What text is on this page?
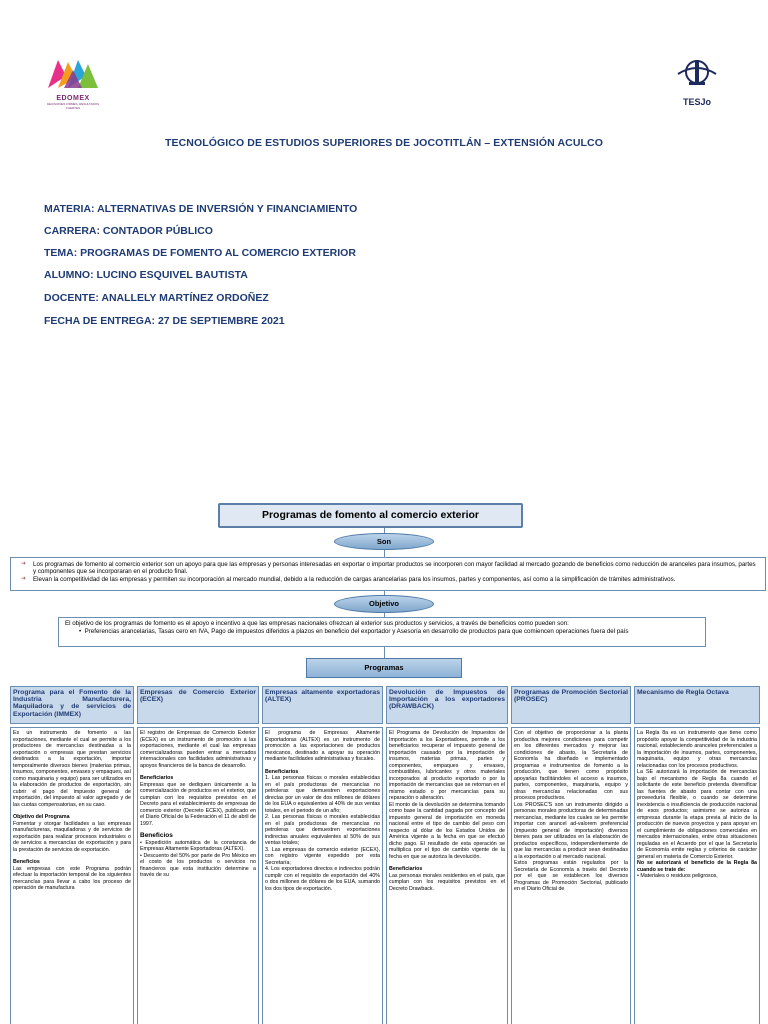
EDOMEX
DECISIONES FIRMES, RESULTADOS FUERTES
TESJo
TECNOLÓGICO DE ESTUDIOS SUPERIORES DE JOCOTITLÁN – EXTENSIÓN ACULCO
MATERIA: ALTERNATIVAS DE INVERSIÓN Y FINANCIAMIENTO
CARRERA: CONTADOR PÚBLICO
TEMA: PROGRAMAS DE FOMENTO AL COMERCIO EXTERIOR
ALUMNO: LUCINO ESQUIVEL BAUTISTA
DOCENTE: ANALLELY MARTÍNEZ ORDOÑEZ
FECHA DE ENTREGA: 27 DE SEPTIEMBRE 2021
Programas de fomento al comercio exterior
Son
➜	Los programas de fomento al comercio exterior son un apoyo para que las empresas y personas interesadas en exportar o importar productos se incorporen con mayor facilidad al mercado gozando de beneficios como reducción de aranceles para insumos, partes y componentes que se incorporaran en el producto final.
➜	Elevan la competitividad de las empresas y permiten su incorporación al mercado mundial, debido a la reducción de cargas arancelarias para los insumos, partes y componentes, así como a la simplificación de trámites administrativos.
Objetivo
El objetivo de los programas de fomento es el apoyo e incentivo a que las empresas nacionales ofrezcan al exterior sus productos y servicios, a través de beneficios como pueden son:
•  Preferencias arancelarias, Tasas cero en IVA, Pago de impuestos diferidos a plazos en beneficio del exportador y Asesoría en desarrollo de productos para que comiencen operaciones fuera del país
Programas
Programa para el Fomento de la Industria Manufacturera, Maquiladora y de servicios de Exportación (IMMEX)

Es un instrumento de fomento a las exportaciones, mediante el cual se permite a los productores de mercancías destinadas a la exportación o empresas que prestan servicios destinados a la exportación, importar temporalmente diversos bienes (materias primas, insumos, componentes, envases y empaques, así como maquinaria y equipo) para ser utilizados en la elaboración de productos de exportación, sin cubrir el pago del impuesto general de importación, del impuesto al valor agregado y de las cuotas compensatorias, en su caso.

Objetivo del Programa

Fomentar y otorgar facilidades a las empresas manufactureras, maquiladoras y de servicios de exportación para realizar procesos industriales o de servicios a mercancías de exportación y para la prestación de servicios de exportación.

Beneficios

Las empresas con este Programa podrán efectuar la importación temporal de los siguientes mercancías para llevar a cabo los proceso de operación de manufactura

Empresas de Comercio Exterior (ECEX)

El registro de Empresas de Comercio Exterior (ECEX) es un instrumento de promoción a las exportaciones, mediante el cual las empresas comercializadoras pueden entrar a mercados internacionales con facilidades administrativas y apoyos financieros de la banca de desarrollo.

Beneficiarios

Empresas que se dediquen únicamente a la comercialización de productos en el exterior, que cumplan con los requisitos previstos en el Decreto para el establecimiento de empresas de comercio exterior (Decreto ECEX), publicado en el Diario Oficial de la Federación el 11 de abril de 1997.

Beneficios

• Expedición automática de la constancia de Empresas Altamente Exportadoras (ALTEX).

• Descuento del 50% por parte de Pro México en el costo de los productos o servicios no financieros que esta institución determine a través de su

Empresas altamente exportadoras (ALTEX)

El programa de Empresas Altamente Exportadoras (ALTEX) es un instrumento de promoción a las exportaciones de productos mexicanos, destinado a apoyar su operación mediante facilidades administrativas y fiscales.

Beneficiarios

1. Las personas físicas o morales establecidas en el país productoras de mercancías no petroleras que demuestren exportaciones directas por un valor de dos millones de dólares de los EUA o equivalentes al 40% de sus ventas totales, en el periodo de un año;

2. Las personas físicas o morales establecidas en el país productoras de mercancías no petroleras que demuestren exportaciones indirectas anuales equivalentes al 50% de sus ventas totales;

3. Las empresas de comercio exterior (ECEX), con registro vigente expedido por esta Secretaría;

4. Los exportadores directos e indirectos podrán cumplir con el requisito de exportación del 40% o dos millones de dólares de los EUA, sumando los dos tipos de exportación.

Devolución de Impuestos de Importación a los exportadores (DRAWBACK)

El Programa de Devolución de Impuestos de Importación a los Exportadores, permite a los beneficiarios recuperar el impuesto general de importación causado por la importación de insumos, materias primas, partes y componentes, empaques y envases, combustibles, lubricantes y otros materiales incorporados al producto exportado o por la importación de mercancías que se retornan en el mismo estado o por mercancías para su reparación o alteración.

El monto de la devolución se determina tomando como base la cantidad pagada por concepto del impuesto general de importación en moneda nacional entre el tipo de cambio del peso con respecto al dólar de los Estados Unidos de América vigente a la fecha en que se efectuó dicho pago. El resultado de esta operación se multiplica por el tipo de cambio vigente de la fecha en que se autoriza la devolución.

Beneficiarios

Las personas morales residentes en el país, que cumplan con los requisitos previstos en el Decreto Drawback.

Programas de Promoción Sectorial (PROSEC)

Con el objetivo de proporcionar a la planta productiva mejores condiciones para competir en los diferentes mercados y mejorar las condiciones de abasto, la Secretaría de Economía ha diseñado e implementado programas e instrumentos de fomento a la producción, que tienen como propósito apoyarlas facilitándoles el acceso a insumos, partes, componentes, maquinaria, equipo y otras mercancías relacionadas con sus procesos productivos.

Los PROSEC'S son un instrumento dirigido a personas morales productoras de determinadas mercancías, mediante los cuales se les permite importar con arancel ad-valorem preferencial (impuesto general de importación) diversos bienes para ser utilizados en la elaboración de productos específicos, independientemente de que las mercancías a producir sean destinadas a la exportación o al mercado nacional.

Estos programas están regulados por la Secretaría de Economía a través del Decreto por el que se establecen los diversos Programas de Promoción Sectorial, publicado en el Diario Oficial de

Mecanismo de Regla Octava

La Regla 8a es un instrumento que tiene como propósito apoyar la competitividad de la industria nacional, estableciendo aranceles preferenciales a la importación de insumos, partes, componentes, maquinaria, equipo y otras mercancías relacionadas con los procesos productivos.

La SE autorizará la importación de mercancías bajo el mecanismo de Regla 8a cuando el solicitante de este beneficio pretenda diversificar las fuentes de abasto para contar con una proveeduría flexible, o cuando se determine inexistencia o insuficiencia de producción nacional de esos productos; asimismo se autoriza a empresas durante la etapa previa al inicio de la producción de nuevos proyectos y para apoyar en el cumplimiento de obligaciones comerciales en mercados internacionales, entre otras situaciones reguladas en el Acuerdo por el que la Secretaría de Economía emite reglas y criterios de carácter general en materia de Comercio Exterior.

No se autorizará el beneficio de la Regla 8a cuando se trate de:

• Materiales o residuos peligrosos,
